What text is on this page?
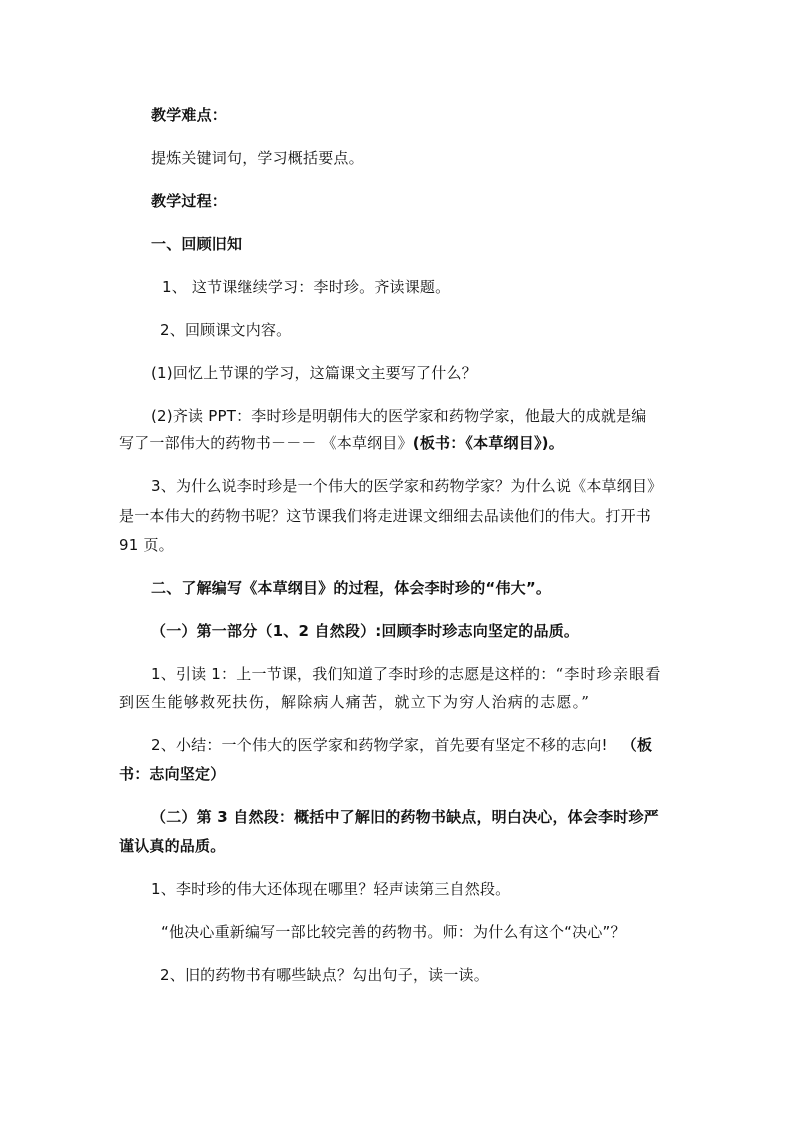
教学难点：
提炼关键词句，学习概括要点。
教学过程：
一、回顾旧知
1、 这节课继续学习：李时珍。齐读课题。
2、回顾课文内容。
(1)回忆上节课的学习，这篇课文主要写了什么？
(2)齐读 PPT：李时珍是明朝伟大的医学家和药物学家，他最大的成就是编
写了一部伟大的药物书－－－ 《本草纲目》(板书：《本草纲目》)。
3、为什么说李时珍是一个伟大的医学家和药物学家？为什么说《本草纲目》
是一本伟大的药物书呢？这节课我们将走进课文细细去品读他们的伟大。打开书
91 页。
二、了解编写《本草纲目》的过程，体会李时珍的“伟大”。
（一）第一部分（1、2 自然段）:回顾李时珍志向坚定的品质。
1、引读 1：上一节课，我们知道了李时珍的志愿是这样的：“李时珍亲眼看
到医生能够救死扶伤，解除病人痛苦，就立下为穷人治病的志愿。”
2、小结：一个伟大的医学家和药物学家，首先要有坚定不移的志向! （板
书：志向坚定）
（二）第 3 自然段：概括中了解旧的药物书缺点，明白决心，体会李时珍严
谨认真的品质。
1、李时珍的伟大还体现在哪里？轻声读第三自然段。
“他决心重新编写一部比较完善的药物书。师：为什么有这个“决心”？
2、旧的药物书有哪些缺点？勾出句子，读一读。
